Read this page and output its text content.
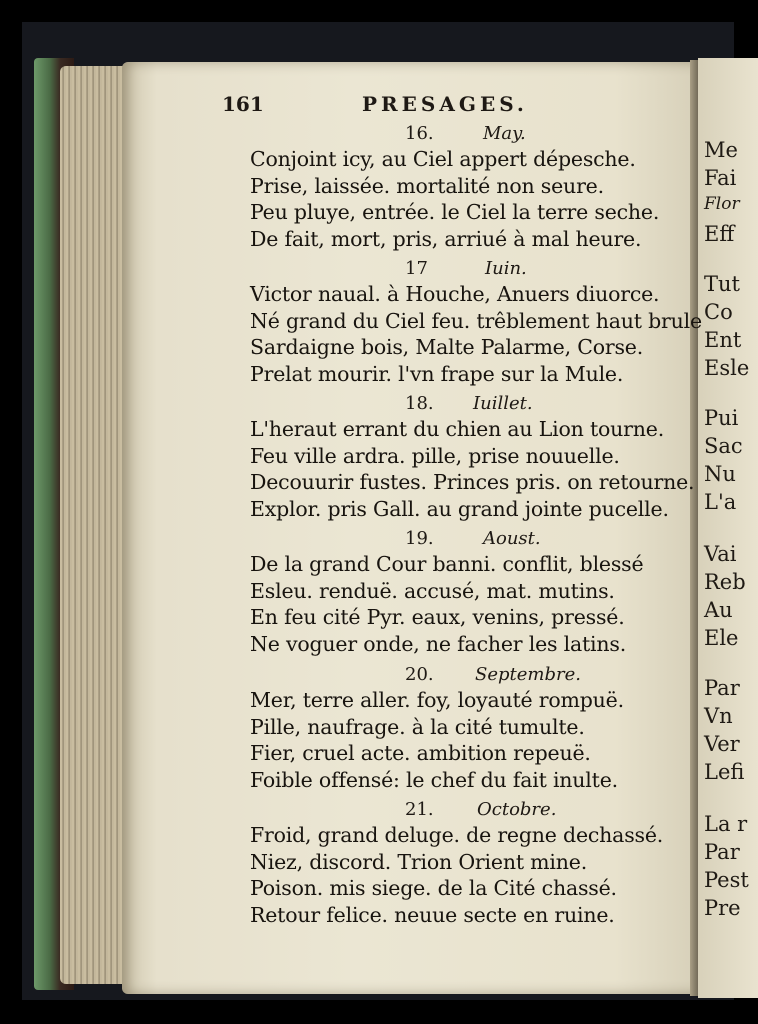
Me
Fai
Flor
Eff
Tut
Co
Ent
Esle
Pui
Sac
Nu
L'a
Vai
Reb
Au
Ele
Par
Vn
Ver
Lefi
La r
Par
Pest
Pre
161	PRESAGES.
16.	May.
Conjoint icy, au Ciel appert dépesche.
Prise, laissée. mortalité non seure.
Peu pluye, entrée. le Ciel la terre seche.
De fait, mort, pris, arriué à mal heure.
17	Iuin.
Victor naual. à Houche, Anuers diuorce.
Né grand du Ciel feu. trêblement haut brule
Sardaigne bois, Malte Palarme, Corse.
Prelat mourir. l'vn frape sur la Mule.
18. Iuillet.
L'heraut errant du chien au Lion tourne.
Feu ville ardra. pille, prise nouuelle.
Decouurir fustes. Princes pris. on retourne.
Explor. pris Gall. au grand jointe pucelle.
19.	Aoust.
De la grand Cour banni. conflit, blessé
Esleu. renduë. accusé, mat. mutins.
En feu cité Pyr. eaux, venins, pressé.
Ne voguer onde, ne facher les latins.
20. Septembre.
Mer, terre aller. foy, loyauté rompuë.
Pille, naufrage. à la cité tumulte.
Fier, cruel acte. ambition repeuë.
Foible offensé: le chef du fait inulte.
21. Octobre.
Froid, grand deluge. de regne dechassé.
Niez, discord. Trion Orient mine.
Poison. mis siege. de la Cité chassé.
Retour felice. neuue secte en ruine.
